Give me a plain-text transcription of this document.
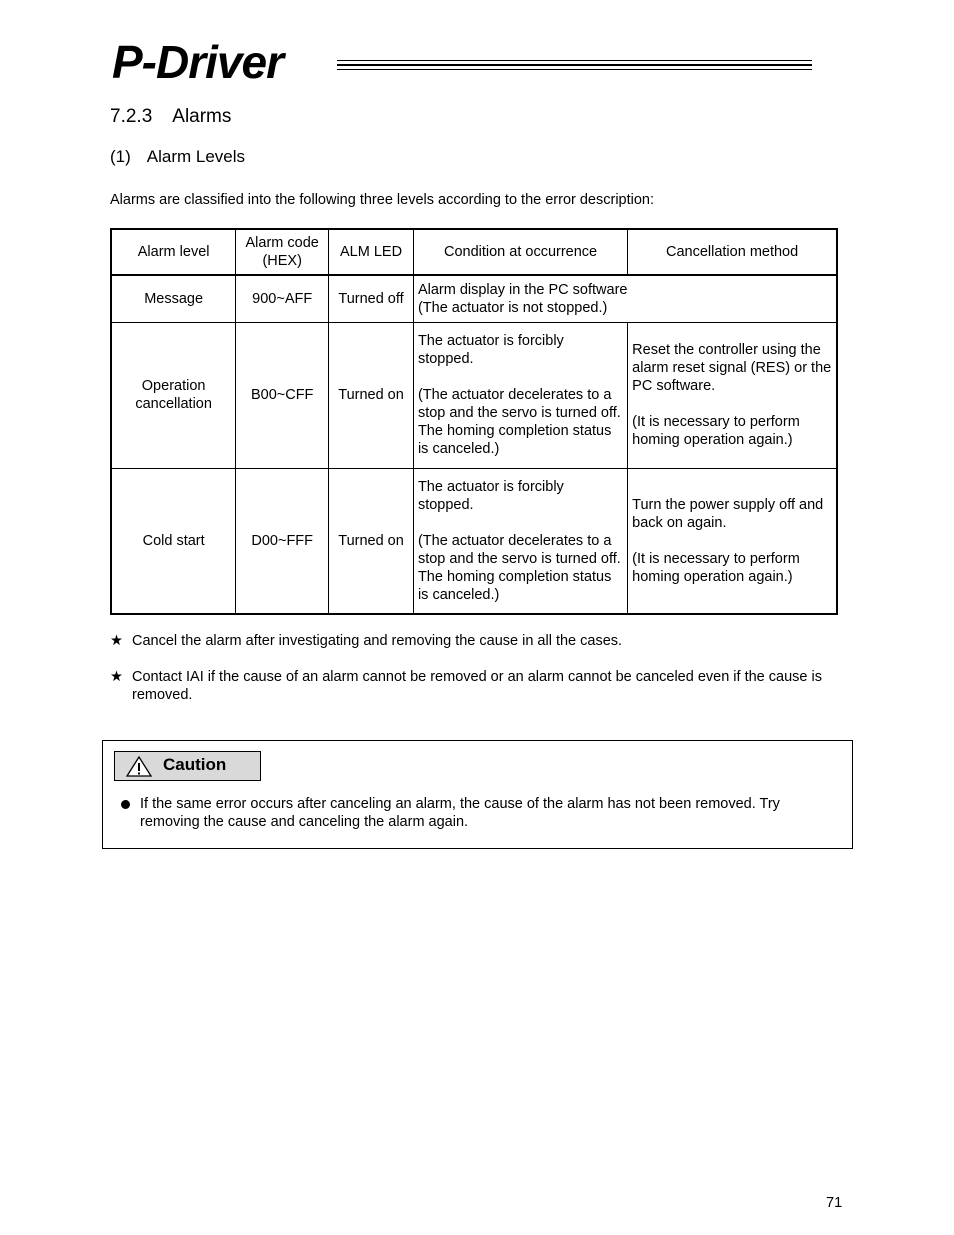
P-Driver
7.2.3 Alarms
(1) Alarm Levels
Alarms are classified into the following three levels according to the error description:
Alarm level	Alarm code
(HEX)	ALM LED	Condition at occurrence	Cancellation method
Message	900~AFF	Turned off	Alarm display in the PC software
(The actuator is not stopped.)	
Operation
cancellation	B00~CFF	Turned on	The actuator is forcibly stopped.

(The actuator decelerates to a stop and the servo is turned off. The homing completion status is canceled.)	Reset the controller using the alarm reset signal (RES) or the PC software.

(It is necessary to perform homing operation again.)
Cold start	D00~FFF	Turned on	The actuator is forcibly stopped.

(The actuator decelerates to a stop and the servo is turned off. The homing completion status is canceled.)	Turn the power supply off and back on again.

(It is necessary to perform homing operation again.)
★ Cancel the alarm after investigating and removing the cause in all the cases.
★ Contact IAI if the cause of an alarm cannot be removed or an alarm cannot be canceled even if the cause is removed.
Caution
If the same error occurs after canceling an alarm, the cause of the alarm has not been removed. Try removing the cause and canceling the alarm again.
71
